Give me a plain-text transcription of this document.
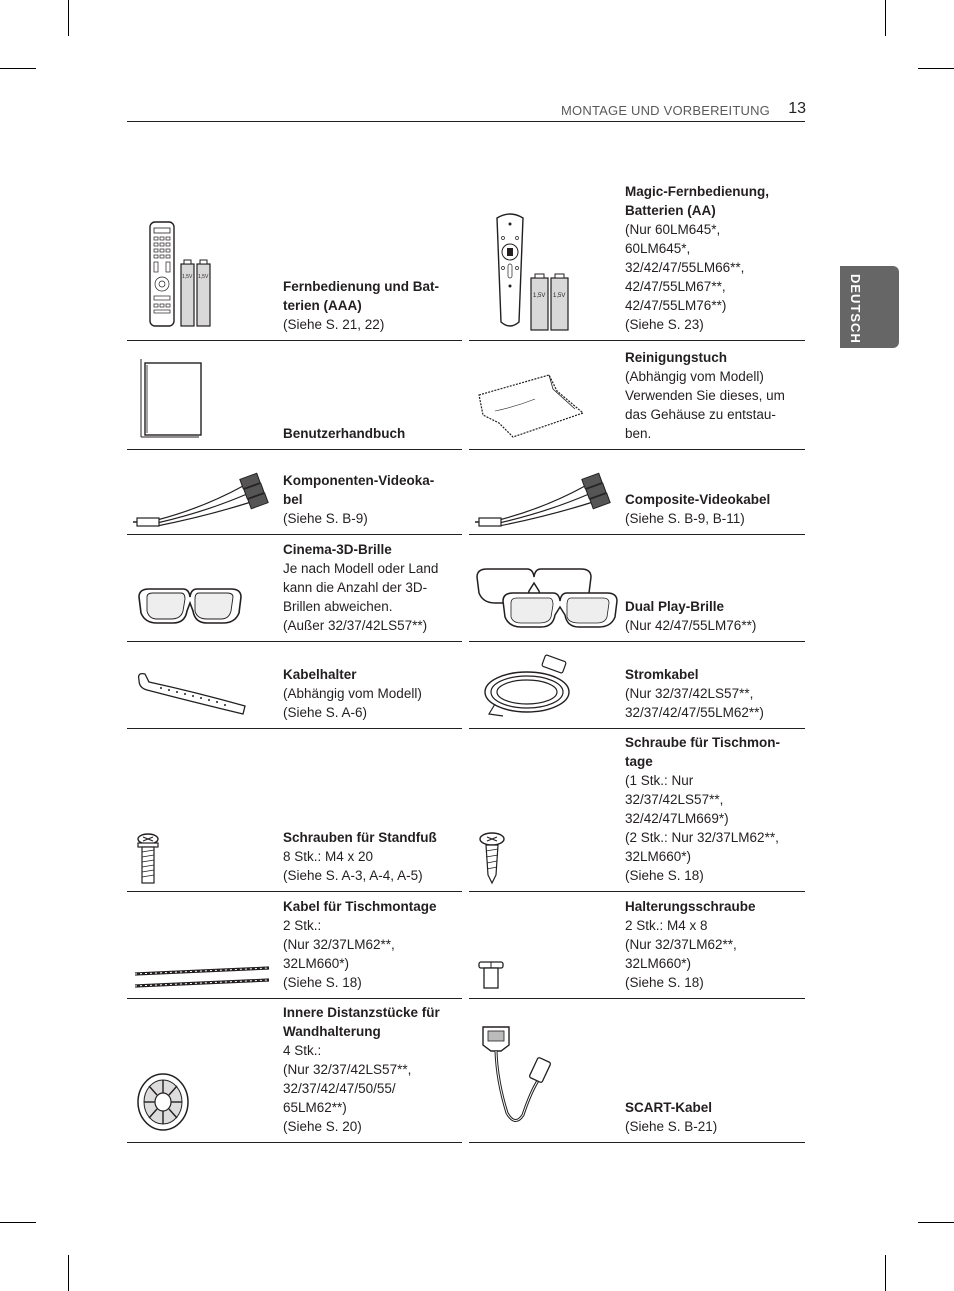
MONTAGE UND VORBEREITUNG	13
DEUTSCH
1,5V 1,5V
Fernbedienung und Bat-
terien (AAA)
(Siehe S. 21, 22)
1,5V 1,5V
Magic-Fernbedienung,
Batterien (AA)
(Nur 60LM645*,
60LM645*,
32/42/47/55LM66**,
42/47/55LM67**,
42/47/55LM76**)
(Siehe S. 23)
Benutzerhandbuch
Reinigungstuch
(Abhängig vom Modell)
Verwenden Sie dieses, um
das Gehäuse zu entstau-
ben.
Komponenten-Videoka-
bel
(Siehe S. B-9)
Composite-Videokabel
(Siehe S. B-9, B-11)
Cinema-3D-Brille
Je nach Modell oder Land
kann die Anzahl der 3D-
Brillen abweichen.
(Außer 32/37/42LS57**)
Dual Play-Brille
(Nur 42/47/55LM76**)
Kabelhalter
(Abhängig vom Modell)
(Siehe S. A-6)
Stromkabel
(Nur 32/37/42LS57**,
32/37/42/47/55LM62**)
Schrauben für Standfuß
8 Stk.: M4 x 20
(Siehe S. A-3, A-4, A-5)
Schraube für Tischmon-
tage
(1 Stk.: Nur
32/37/42LS57**,
32/42/47LM669*)
(2 Stk.: Nur 32/37LM62**,
32LM660*)
(Siehe S. 18)
Kabel für Tischmontage
2 Stk.:
(Nur 32/37LM62**,
32LM660*)
(Siehe S. 18)
Halterungsschraube
2 Stk.: M4 x 8
(Nur 32/37LM62**,
32LM660*)
(Siehe S. 18)
Innere Distanzstücke für
Wandhalterung
4 Stk.:
(Nur 32/37/42LS57**,
32/37/42/47/50/55/
65LM62**)
(Siehe S. 20)
SCART-Kabel
(Siehe S. B-21)
